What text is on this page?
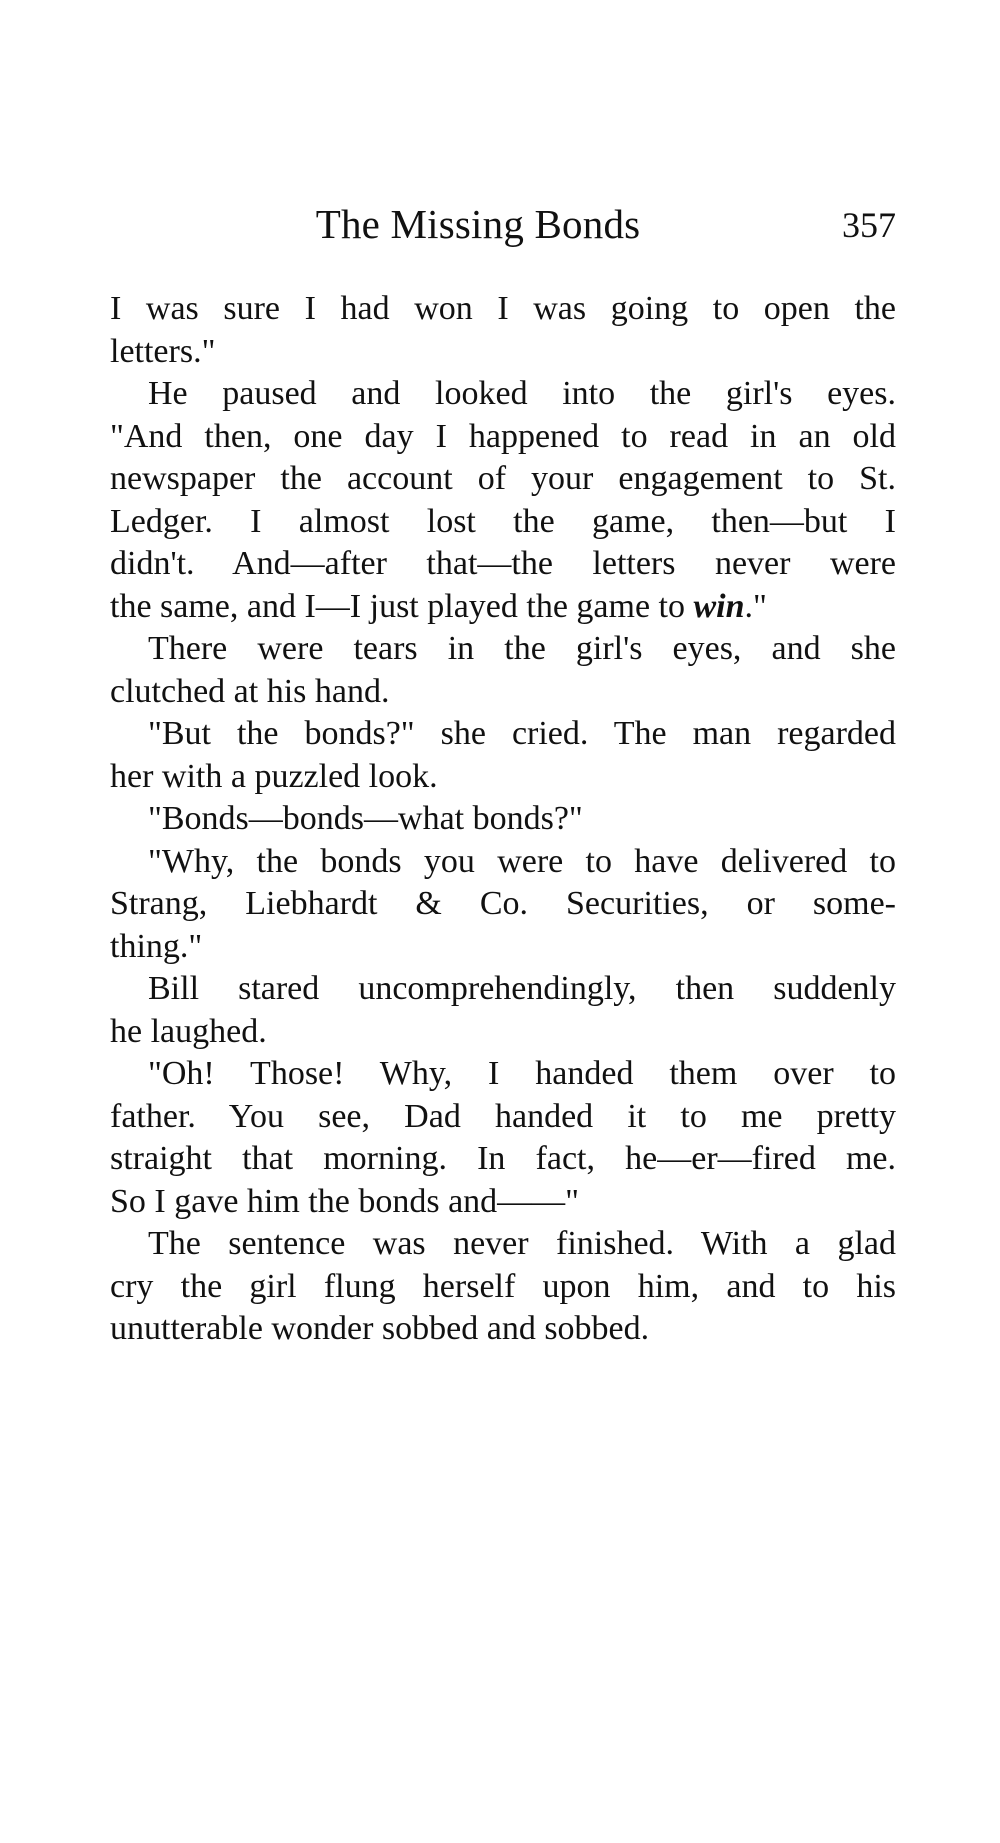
The Missing Bonds	357
I was sure I had won I was going to open the
letters."
He paused and looked into the girl's eyes.
"And then, one day I happened to read in an old
newspaper the account of your engagement to St.
Ledger. I almost lost the game, then—but I
didn't. And—after that—the letters never were
the same, and I—I just played the game to win."
There were tears in the girl's eyes, and she
clutched at his hand.
"But the bonds?" she cried. The man regarded
her with a puzzled look.
"Bonds—bonds—what bonds?"
"Why, the bonds you were to have delivered to
Strang, Liebhardt & Co. Securities, or some-
thing."
Bill stared uncomprehendingly, then suddenly
he laughed.
"Oh! Those! Why, I handed them over to
father. You see, Dad handed it to me pretty
straight that morning. In fact, he—er—fired me.
So I gave him the bonds and——"
The sentence was never finished. With a glad
cry the girl flung herself upon him, and to his
unutterable wonder sobbed and sobbed.
